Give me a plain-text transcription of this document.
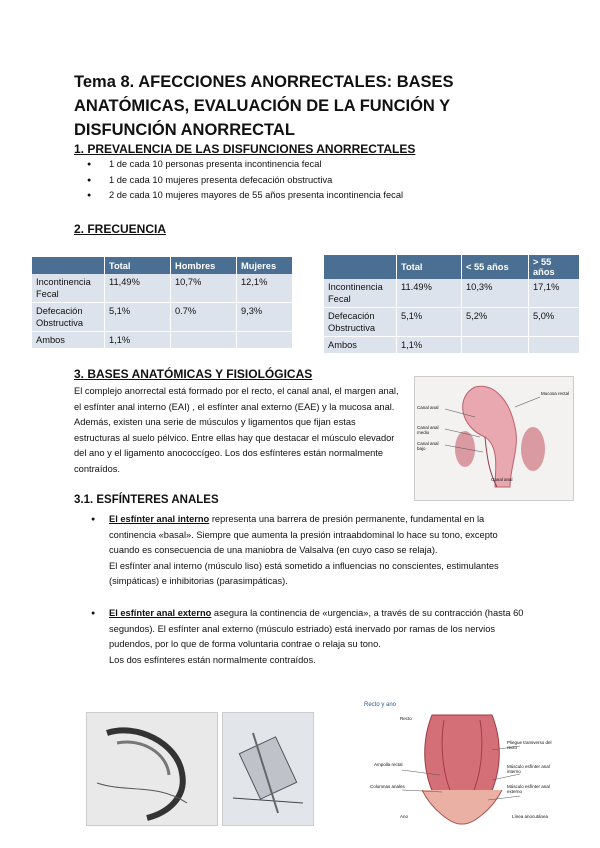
Tema 8. AFECCIONES ANORRECTALES: BASES ANATÓMICAS, EVALUACIÓN DE LA FUNCIÓN Y DISFUNCIÓN ANORRECTAL
1. PREVALENCIA DE LAS DISFUNCIONES ANORRECTALES
● 1 de cada 10 personas presenta incontinencia fecal
● 1 de cada 10 mujeres presenta defecación obstructiva
● 2 de cada 10 mujeres mayores de 55 años presenta incontinencia fecal
2. FRECUENCIA
	Total	Hombres	Mujeres
Incontinencia Fecal	11,49%	10,7%	12,1%
Defecación Obstructiva	5,1%	0.7%	9,3%
Ambos	1,1%		
	Total	< 55 años	> 55 años
Incontinencia Fecal	11.49%	10,3%	17,1%
Defecación Obstructiva	5,1%	5,2%	5,0%
Ambos	1,1%		
3. BASES ANATÓMICAS Y FISIOLÓGICAS
El complejo anorrectal está formado por el recto, el canal anal, el margen anal, el esfínter anal interno (EAI) , el esfínter anal externo (EAE) y la mucosa anal. Además, existen una serie de músculos y ligamentos que fijan estas estructuras al suelo pélvico. Entre ellas hay que destacar el músculo elevador del ano y el ligamento anococcígeo. Los dos esfínteres están normalmente contraídos.
Mucosa rectal
Canal anal
Canal anal medio
Canal anal bajo
Canal anal
3.1. ESFÍNTERES ANALES
● El esfínter anal interno representa una barrera de presión permanente, fundamental en la continencia «basal». Siempre que aumenta la presión intraabdominal lo hace su tono, excepto cuando es consecuencia de una maniobra de Valsalva (en cuyo caso se relaja).
El esfínter anal interno (músculo liso) está sometido a influencias no conscientes, estimulantes (simpáticas) e inhibitorias (parasimpáticas).
● El esfínter anal externo asegura la continencia de «urgencia», a través de su contracción (hasta 60 segundos). El esfínter anal externo (músculo estriado) está inervado por ramas de los nervios pudendos, por lo que de forma voluntaria contrae o relaja su tono.
Los dos esfínteres están normalmente contraídos.
Recto y ano
Recto
Pliegue transverso del recto
Ampolla rectal	Músculo esfínter anal interno
Columnas anales	Músculo esfínter anal externo
Ano	Línea anocutánea
